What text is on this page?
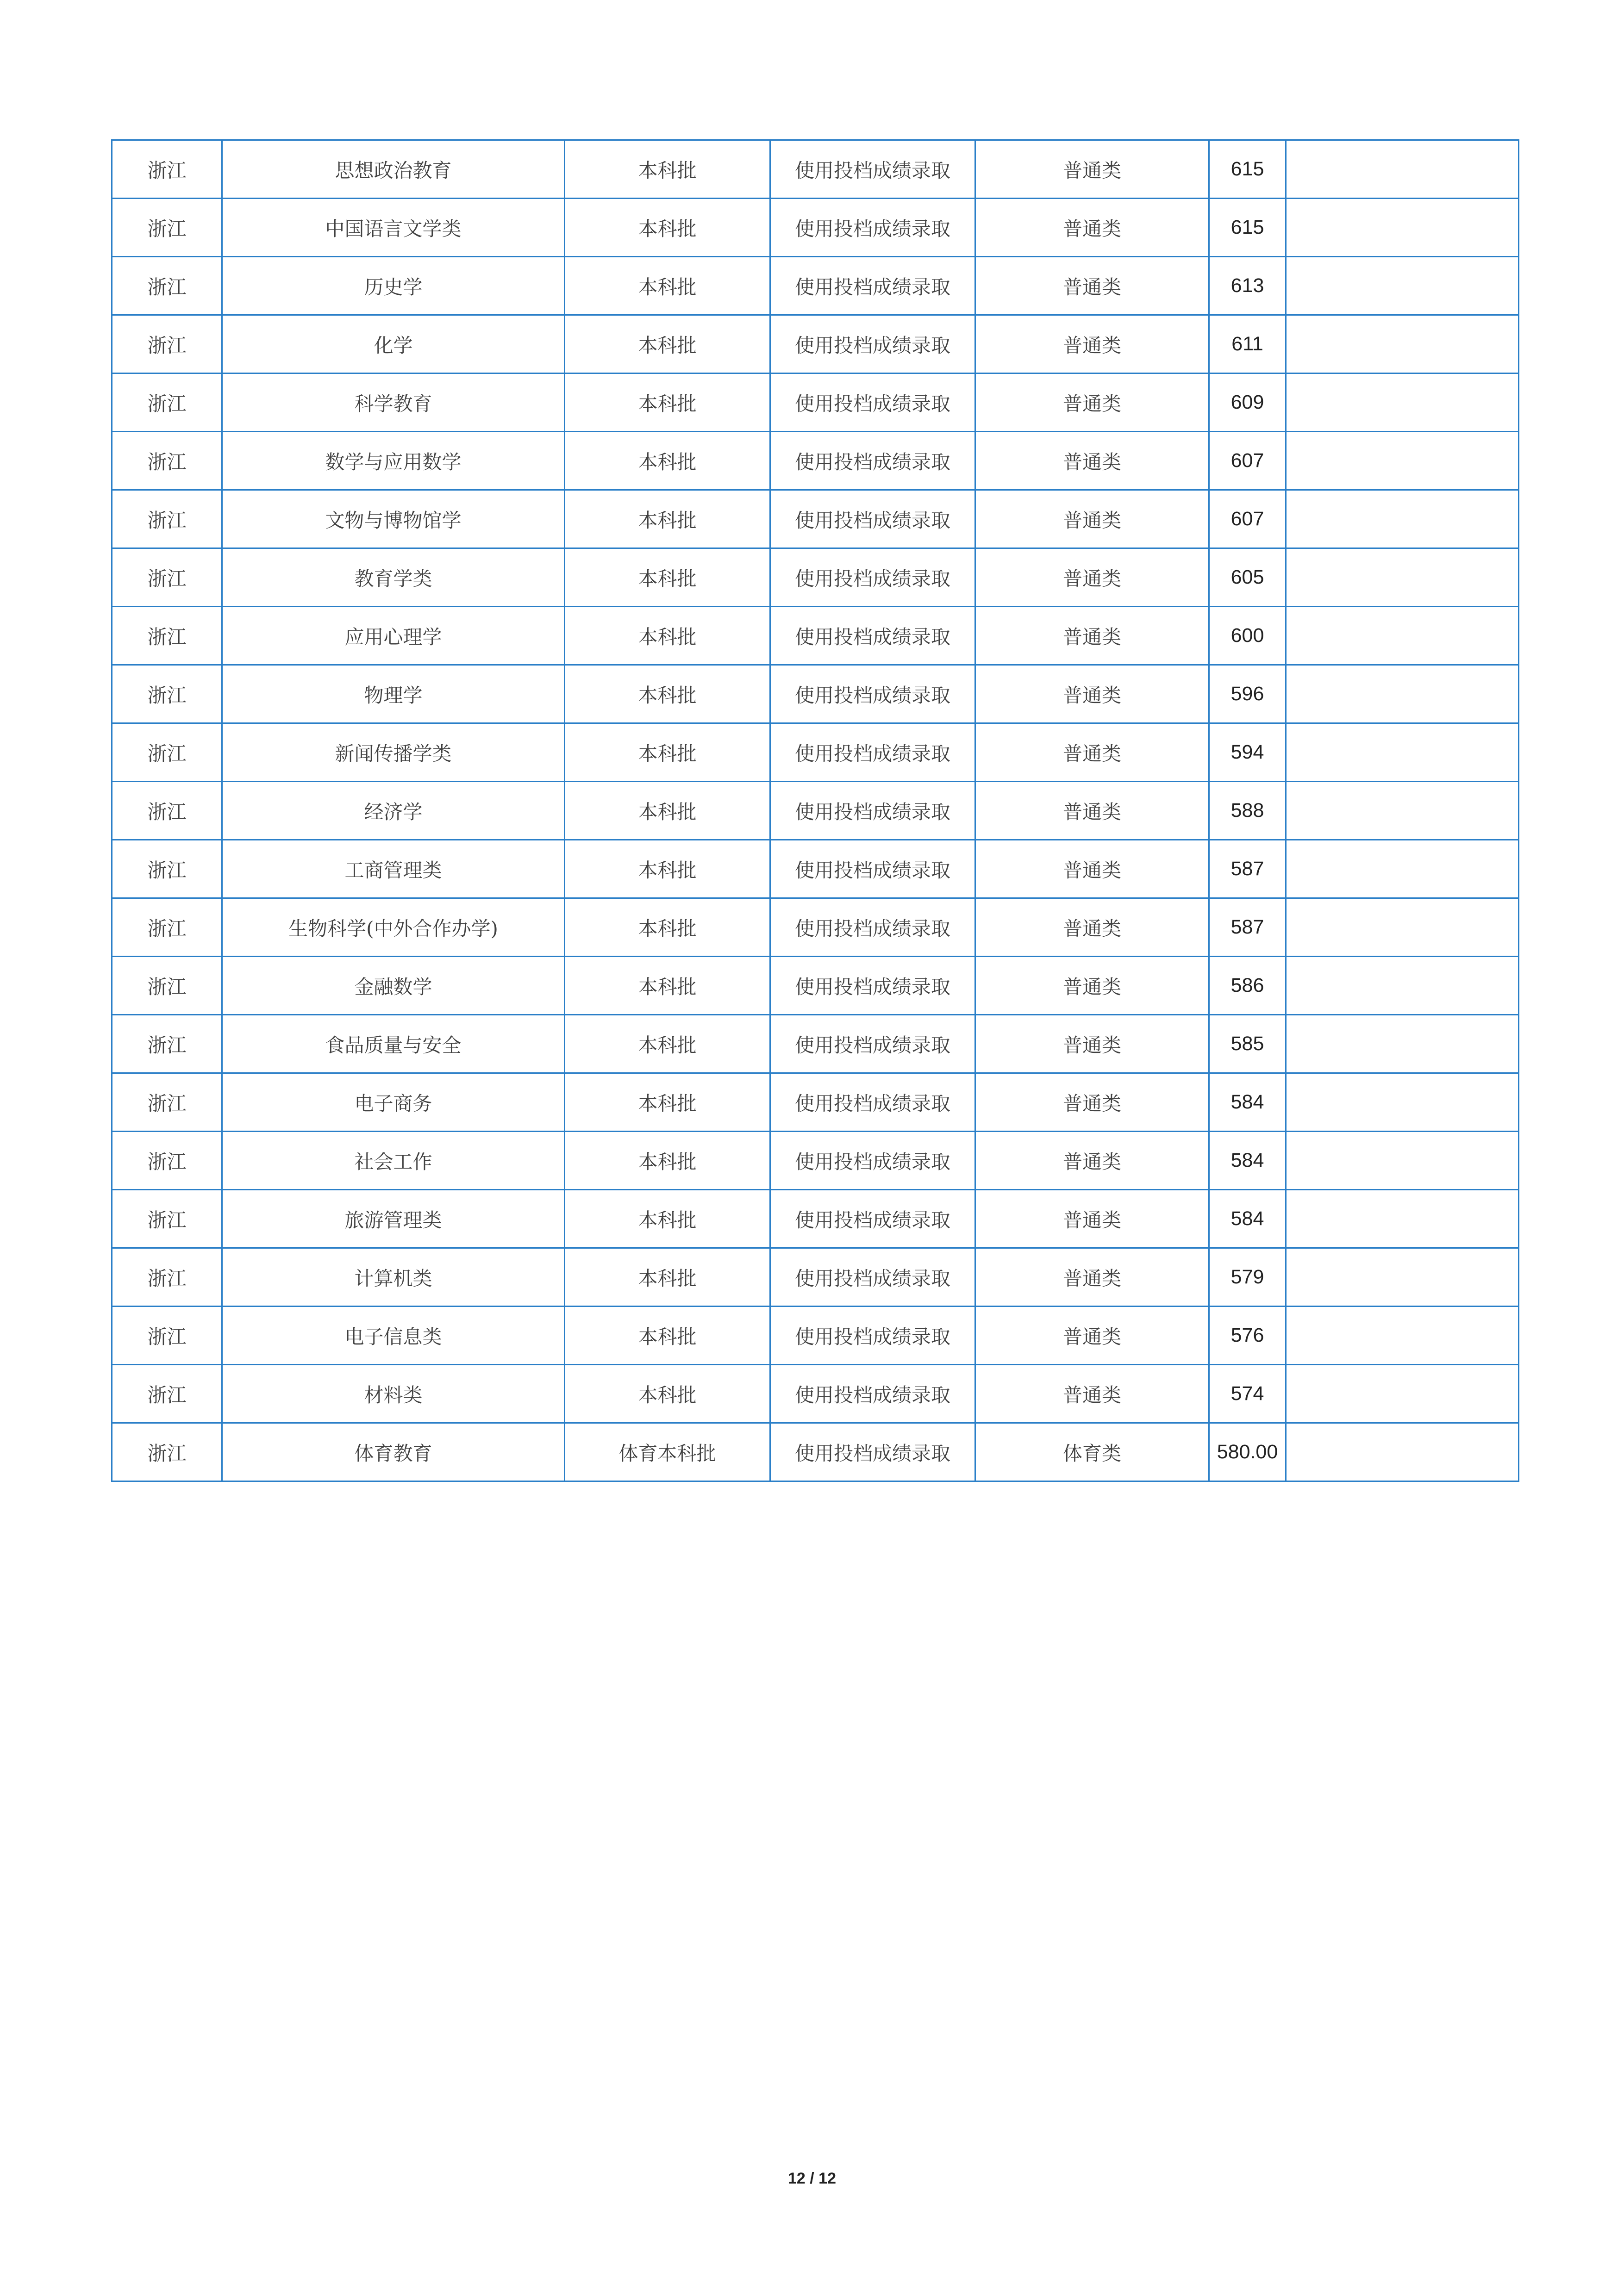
浙江	思想政治教育	本科批	使用投档成绩录取	普通类	615	
浙江	中国语言文学类	本科批	使用投档成绩录取	普通类	615	
浙江	历史学	本科批	使用投档成绩录取	普通类	613	
浙江	化学	本科批	使用投档成绩录取	普通类	611	
浙江	科学教育	本科批	使用投档成绩录取	普通类	609	
浙江	数学与应用数学	本科批	使用投档成绩录取	普通类	607	
浙江	文物与博物馆学	本科批	使用投档成绩录取	普通类	607	
浙江	教育学类	本科批	使用投档成绩录取	普通类	605	
浙江	应用心理学	本科批	使用投档成绩录取	普通类	600	
浙江	物理学	本科批	使用投档成绩录取	普通类	596	
浙江	新闻传播学类	本科批	使用投档成绩录取	普通类	594	
浙江	经济学	本科批	使用投档成绩录取	普通类	588	
浙江	工商管理类	本科批	使用投档成绩录取	普通类	587	
浙江	生物科学(中外合作办学)	本科批	使用投档成绩录取	普通类	587	
浙江	金融数学	本科批	使用投档成绩录取	普通类	586	
浙江	食品质量与安全	本科批	使用投档成绩录取	普通类	585	
浙江	电子商务	本科批	使用投档成绩录取	普通类	584	
浙江	社会工作	本科批	使用投档成绩录取	普通类	584	
浙江	旅游管理类	本科批	使用投档成绩录取	普通类	584	
浙江	计算机类	本科批	使用投档成绩录取	普通类	579	
浙江	电子信息类	本科批	使用投档成绩录取	普通类	576	
浙江	材料类	本科批	使用投档成绩录取	普通类	574	
浙江	体育教育	体育本科批	使用投档成绩录取	体育类	580.00	
12 / 12
